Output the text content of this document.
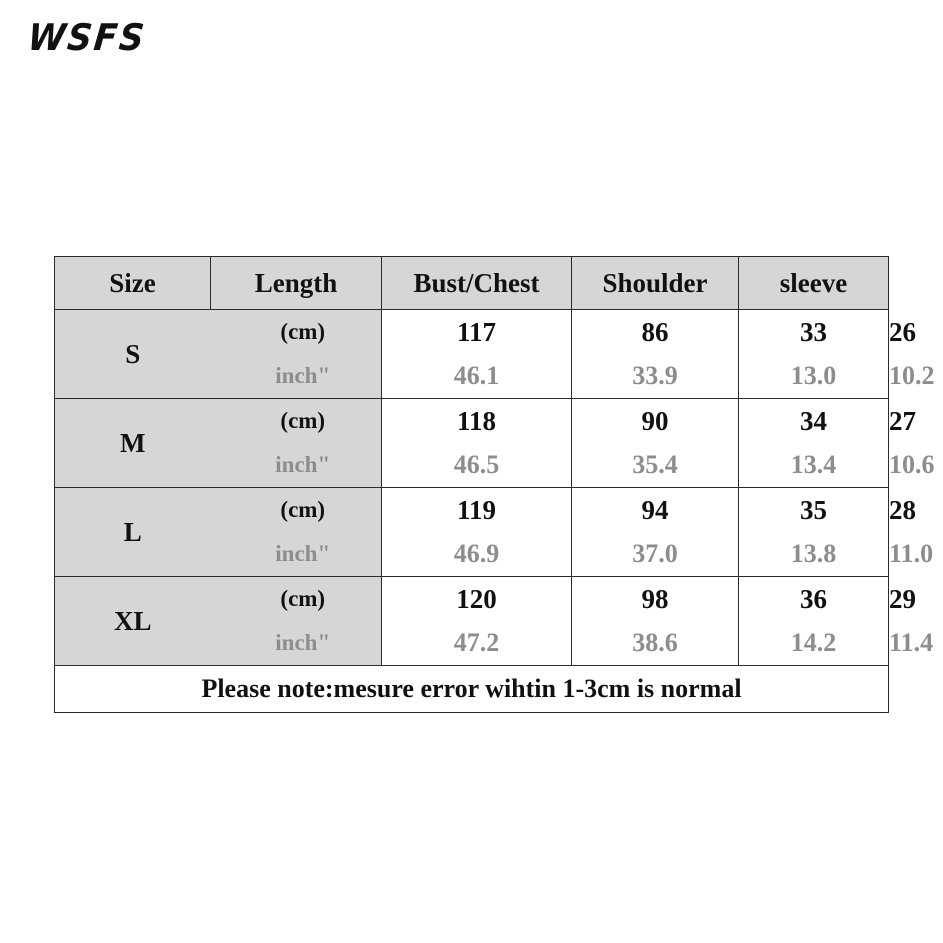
WSFS
Size	Length	Bust/Chest	Shoulder	sleeve	
S	(cm)	117	86	33	26
	inch"	46.1	33.9	13.0	10.2
M	(cm)	118	90	34	27
	inch"	46.5	35.4	13.4	10.6
L	(cm)	119	94	35	28
	inch"	46.9	37.0	13.8	11.0
XL	(cm)	120	98	36	29
	inch"	47.2	38.6	14.2	11.4
Please note:mesure error wihtin 1-3cm is normal					
